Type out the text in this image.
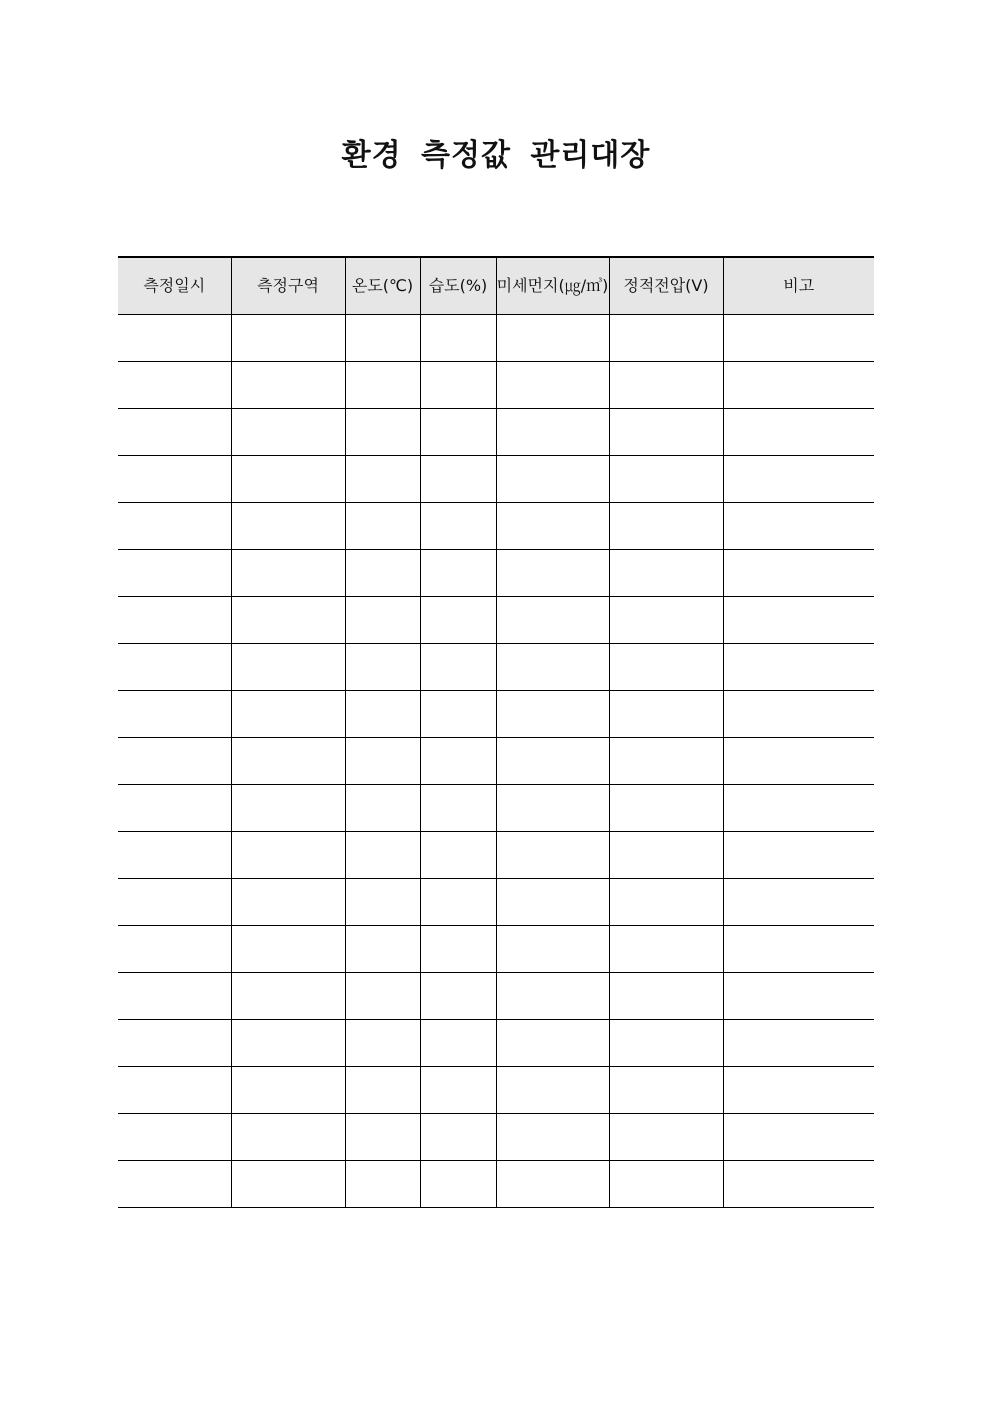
환경 측정값 관리대장
측정일시	측정구역	온도(℃)	습도(%)	미세먼지(㎍/㎥)	정적전압(V)	비고
